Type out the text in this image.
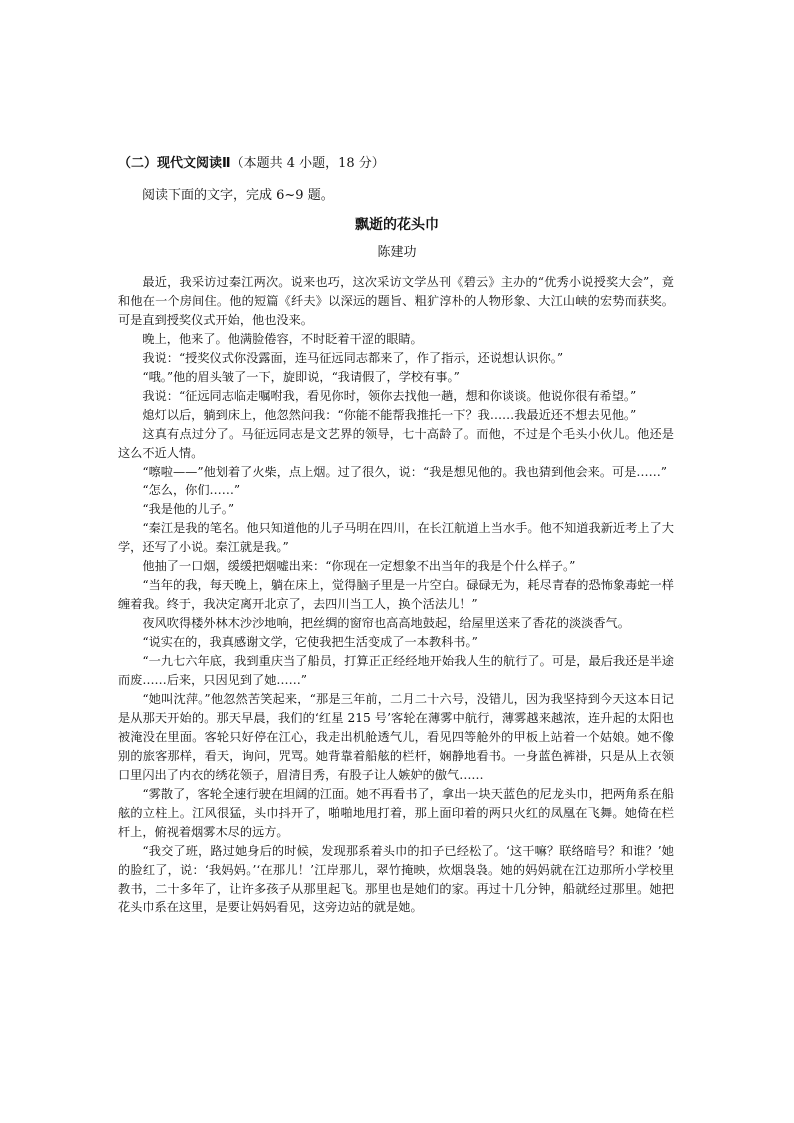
（二）现代文阅读Ⅱ（本题共 4 小题，18 分）
阅读下面的文字，完成 6~9 题。
飘逝的花头巾
陈建功

最近，我采访过秦江两次。说来也巧，这次采访文学丛刊《碧云》主办的“优秀小说授奖大会”，竟和他在一个房间住。他的短篇《纤夫》以深远的题旨、粗犷淳朴的人物形象、大江山峡的宏势而获奖。可是直到授奖仪式开始，他也没来。

晚上，他来了。他满脸倦容，不时眨着干涩的眼睛。

我说：“授奖仪式你没露面，连马征远同志都来了，作了指示，还说想认识你。”

“哦。”他的眉头皱了一下，旋即说，“我请假了，学校有事。”

我说：“征远同志临走嘱咐我，看见你时，领你去找他一趟，想和你谈谈。他说你很有希望。”

熄灯以后，躺到床上，他忽然问我：“你能不能帮我推托一下？我……我最近还不想去见他。”

这真有点过分了。马征远同志是文艺界的领导，七十高龄了。而他，不过是个毛头小伙儿。他还是这么不近人情。

“嚓啦——”他划着了火柴，点上烟。过了很久，说：“我是想见他的。我也猜到他会来。可是……”

“怎么，你们……”

“我是他的儿子。”

“秦江是我的笔名。他只知道他的儿子马明在四川，在长江航道上当水手。他不知道我新近考上了大学，还写了小说。秦江就是我。”

他抽了一口烟，缓缓把烟嘘出来：“你现在一定想象不出当年的我是个什么样子。”

“当年的我，每天晚上，躺在床上，觉得脑子里是一片空白。碌碌无为，耗尽青春的恐怖象毒蛇一样缠着我。终于，我决定离开北京了，去四川当工人，换个活法儿！”

夜风吹得楼外林木沙沙地响，把丝绸的窗帘也高高地鼓起，给屋里送来了香花的淡淡香气。

“说实在的，我真感谢文学，它使我把生活变成了一本教科书。”

“一九七六年底，我到重庆当了船员，打算正正经经地开始我人生的航行了。可是，最后我还是半途而废……后来，只因见到了她……”

“她叫沈萍。”他忽然苦笑起来，“那是三年前，二月二十六号，没错儿，因为我坚持到今天这本日记是从那天开始的。那天早晨，我们的‘红星 215 号’客轮在薄雾中航行，薄雾越来越浓，连升起的太阳也被淹没在里面。客轮只好停在江心，我走出机舱透气儿，看见四等舱外的甲板上站着一个姑娘。她不像别的旅客那样，看天，询问，咒骂。她背靠着船舷的栏杆，娴静地看书。一身蓝色裤褂，只是从上衣领口里闪出了内衣的绣花领子，眉清目秀，有股子让人嫉妒的傲气……

“雾散了，客轮全速行驶在坦阔的江面。她不再看书了，拿出一块天蓝色的尼龙头巾，把两角系在船舷的立柱上。江风很猛，头巾抖开了，啪啪地甩打着，那上面印着的两只火红的凤凰在飞舞。她倚在栏杆上，俯视着烟雾木尽的远方。

“我交了班，路过她身后的时候，发现那系着头巾的扣子已经松了。‘这干嘛？联络暗号？和谁？’她的脸红了，说：‘我妈妈。’‘在那儿！’江岸那儿，翠竹掩映，炊烟袅袅。她的妈妈就在江边那所小学校里教书，二十多年了，让许多孩子从那里起飞。那里也是她们的家。再过十几分钟，船就经过那里。她把花头巾系在这里，是要让妈妈看见，这旁边站的就是她。
